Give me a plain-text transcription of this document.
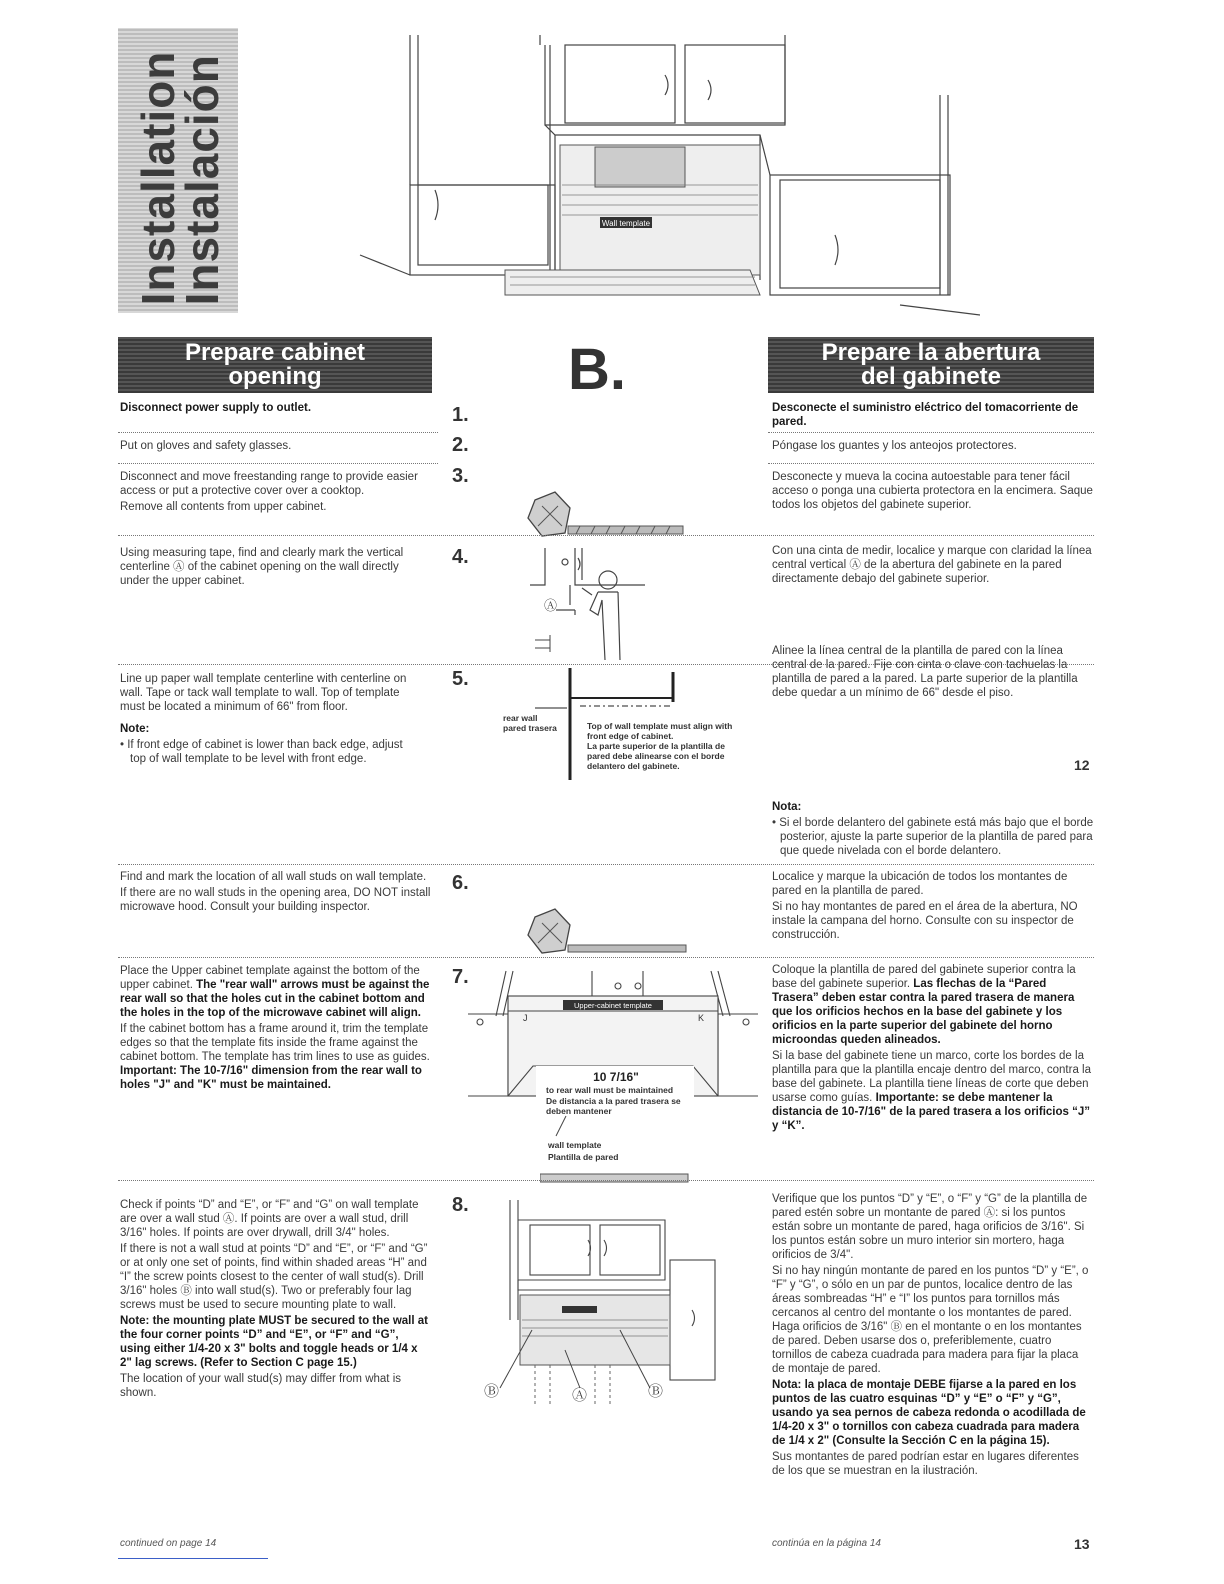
Installation
Instalación	Wall template
Prepare cabinet
opening	B.	Prepare la abertura
del gabinete
Disconnect power supply to outlet.	1.	Desconecte el suministro eléctrico del tomacorriente de pared.
Put on gloves and safety glasses.	2.	Póngase los guantes y los anteojos protectores.

Disconnect and move freestanding range to provide easier access or put a protective cover over a cooktop.

Remove all contents from upper cabinet.

3.	Desconecte y mueva la cocina autoestable para tener fácil acceso o ponga una cubierta protectora en la encimera. Saque todos los objetos del gabinete superior.

Using measuring tape, find and clearly mark the vertical centerline Ⓐ of the cabinet opening on the wall directly under the upper cabinet.
4.
Ⓐ
Con una cinta de medir, localice y marque con claridad la línea central vertical Ⓐ de la abertura del gabinete en la pared directamente debajo del gabinete superior.

Line up paper wall template centerline with centerline on wall. Tape or tack wall template to wall. Top of template must be located a minimum of 66" from floor.

Note:

• If front edge of cabinet is lower than back edge, adjust top of wall template to be level with front edge.

5.
rear wall
pared trasera	Top of wall template must align with
front edge of cabinet.
La parte superior de la plantilla de
pared debe alinearse con el borde
delantero del gabinete.
Alinee la línea central de la plantilla de pared con la línea central de la pared. Fije con cinta o clave con tachuelas la plantilla de pared a la pared. La parte superior de la plantilla debe quedar a un mínimo de 66" desde el piso.
12

Nota:

• Si el borde delantero del gabinete está más bajo que el borde posterior, ajuste la parte superior de la plantilla de pared para que quede nivelada con el borde delantero.

Find and mark the location of all wall studs on wall template.

If there are no wall studs in the opening area, DO NOT install microwave hood. Consult your building inspector.

6.	Localice y marque la ubicación de todos los montantes de pared en la plantilla de pared.

Si no hay montantes de pared en el área de la abertura, NO instale la campana del horno. Consulte con su inspector de construcción.

Place the Upper cabinet template against the bottom of the upper cabinet. The "rear wall" arrows must be against the rear wall so that the holes cut in the cabinet bottom and the holes in the top of the microwave cabinet will align.

If the cabinet bottom has a frame around it, trim the template edges so that the template fits inside the frame against the cabinet bottom. The template has trim lines to use as guides. Important: The 10-7/16" dimension from the rear wall to holes "J" and "K" must be maintained.

7.
Upper-cabinet template
J	K
10 7/16"
to rear wall must be maintained
De distancia a la pared trasera se
deben mantener
wall template
Plantilla de pared

Coloque la plantilla de pared del gabinete superior contra la base del gabinete superior. Las flechas de la “Pared Trasera” deben estar contra la pared trasera de manera que los orificios hechos en la base del gabinete y los orificios en la parte superior del gabinete del horno microondas queden alineados.

Si la base del gabinete tiene un marco, corte los bordes de la plantilla para que la plantilla encaje dentro del marco, contra la base del gabinete. La plantilla tiene líneas de corte que deben usarse como guías. Importante: se debe mantener la distancia de 10-7/16" de la pared trasera a los orificios “J” y “K”.

Check if points “D” and “E”, or “F” and “G” on wall template are over a wall stud Ⓐ. If points are over a wall stud, drill 3/16" holes. If points are over drywall, drill 3/4" holes.

If there is not a wall stud at points “D” and “E”, or “F” and “G” or at only one set of points, find within shaded areas “H” and “I” the screw points closest to the center of wall stud(s). Drill 3/16" holes Ⓑ into wall stud(s). Two or preferably four lag screws must be used to secure mounting plate to wall.

Note: the mounting plate MUST be secured to the wall at the four corner points “D” and “E”, or “F” and “G”, using either 1/4-20 x 3" bolts and toggle heads or 1/4 x 2" lag screws. (Refer to Section C page 15.)

The location of your wall stud(s) may differ from what is shown.

8.
Ⓑ	Ⓐ	Ⓑ

Verifique que los puntos “D” y “E”, o “F” y “G” de la plantilla de pared estén sobre un montante de pared Ⓐ: si los puntos están sobre un montante de pared, haga orificios de 3/16". Si los puntos están sobre un muro interior sin mortero, haga orificios de 3/4".

Si no hay ningún montante de pared en los puntos “D” y “E”, o “F” y “G”, o sólo en un par de puntos, localice dentro de las áreas sombreadas “H” e “I” los puntos para tornillos más cercanos al centro del montante o los montantes de pared. Haga orificios de 3/16" Ⓑ en el montante o en los montantes de pared. Deben usarse dos o, preferiblemente, cuatro tornillos de cabeza cuadrada para madera para fijar la placa de montaje de pared.

Nota: la placa de montaje DEBE fijarse a la pared en los puntos de las cuatro esquinas “D” y “E” o “F” y “G”, usando ya sea pernos de cabeza redonda o acodillada de 1/4-20 x 3" o tornillos con cabeza cuadrada para madera de 1/4 x 2" (Consulte la Sección C en la página 15).

Sus montantes de pared podrían estar en lugares diferentes de los que se muestran en la ilustración.

continued on page 14	continúa en la página 14	13
